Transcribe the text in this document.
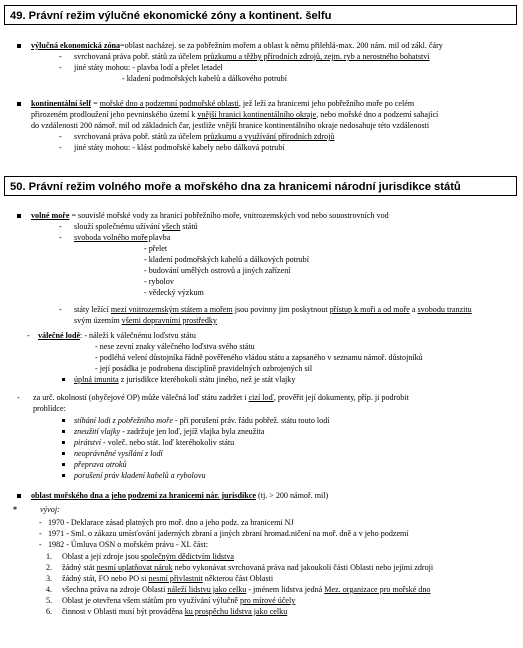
49. Právní režim výlučné ekonomické zóny a kontinent. šelfu
výlučná ekonomická zóna=oblast nacházej. se za pobřežním mořem a oblast k němu přilehlá-max. 200 nám. mil od zákl. čáry
- svrchovaná práva pobř. států za účelem průzkumu a těžby přírodních zdrojů, zejm. ryb a nerostného bohatství
- jiné státy mohou: - plavba lodí a přelet letadel
- kladení podmořských kabelů a dálkového potrubí
kontinentální šelf = mořské dno a podzemní podmořské oblasti, jež leží za hranicemi jeho pobřežního moře po celém
přirozeném prodloužení jeho pevninského území k vnější hranici kontinentálního okraje, nebo mořské dno a podzemí sahající
do vzdálenosti 200 námoř. mil od základních čar, jestliže vnější hranice kontinentálního okraje nedosahuje této vzdálenosti
- svrchovaná práva pobř. států za účelem průzkumu a využívání přírodních zdrojů
- jiné státy mohou: - klást podmořské kabely nebo dálková potrubí
50. Právní režim volného moře a mořského dna za hranicemi národní jurisdikce států
volné moře = souvislé mořské vody za hranicí pobřežního moře, vnitrozemských vod nebo souostrovních vod
- slouží společnému užívání všech států
- svoboda volného moře
- plavba
- přelet
- kladení podmořských kabelů a dálkových potrubí
- budování umělých ostrovů a jiných zařízení
- rybolov
- vědecký výzkum
- státy ležící mezi vnitrozemským státem a mořem jsou povinny jim poskytnout přístup k moři a od moře a svobodu tranzitu
svým územím všemi dopravními prostředky
- válečné lodě: - náleží k válečnému loďstvu státu
- nese zevní znaky válečného loďstva svého státu
- podléhá velení důstojníka řádně pověřeného vládou státu a zapsaného v seznamu námoř. důstojníků
- její posádka je podrobena disciplíně pravidelných ozbrojených sil
úplná imunita z jurisdikce kteréhokoli státu jiného, než je stát vlajky
- za urč. okolností (obyčejové OP) může válečná loď státu zadržet i cizí loď, prověřit její dokumenty, příp. ji podrobit
prohlídce:
stíhání lodi z pobřežního moře - při porušení práv. řádu pobřež. státu touto lodí
zneužití vlajky - zadržuje jen loď, jejíž vlajka byla zneužita
pirátství - voleč. nebo stát. loď kteréhokoliv státu
neoprávněné vysílání z lodí
přeprava otroků
porušení práv kladení kabelů a rybolovu
oblast mořského dna a jeho podzemí za hranicemi nár. jurisdikce (tj. > 200 námoř. mil)
*	vývoj:
- 1970 - Deklarace zásad platných pro moř. dno a jeho podz. za hranicemi NJ
- 1971 - Sml. o zákazu umísťování jaderných zbraní a jiných zbraní hromad.ničení na moř. dně a v jeho podzemí
- 1982 - Úmluva OSN o mořském právu - XI. část:
1. Oblast a její zdroje jsou společným dědictvím lidstva
2. žádný stát nesmí uplatňovat nárok nebo vykonávat svrchovaná práva nad jakoukoli části Oblasti nebo jejími zdroji
3. žádný stát, FO nebo PO si nesmí přivlastnit některou část Oblasti
4. všechna práva na zdroje Oblasti náleží lidstvu jako celku - jménem lidstva jedná Mez. organizace pro mořské dno
5. Oblast je otevřena všem státům pro využívání výlučně pro mírové účely
6. činnost v Oblasti musí být prováděna ku prospěchu lidstva jako celku
